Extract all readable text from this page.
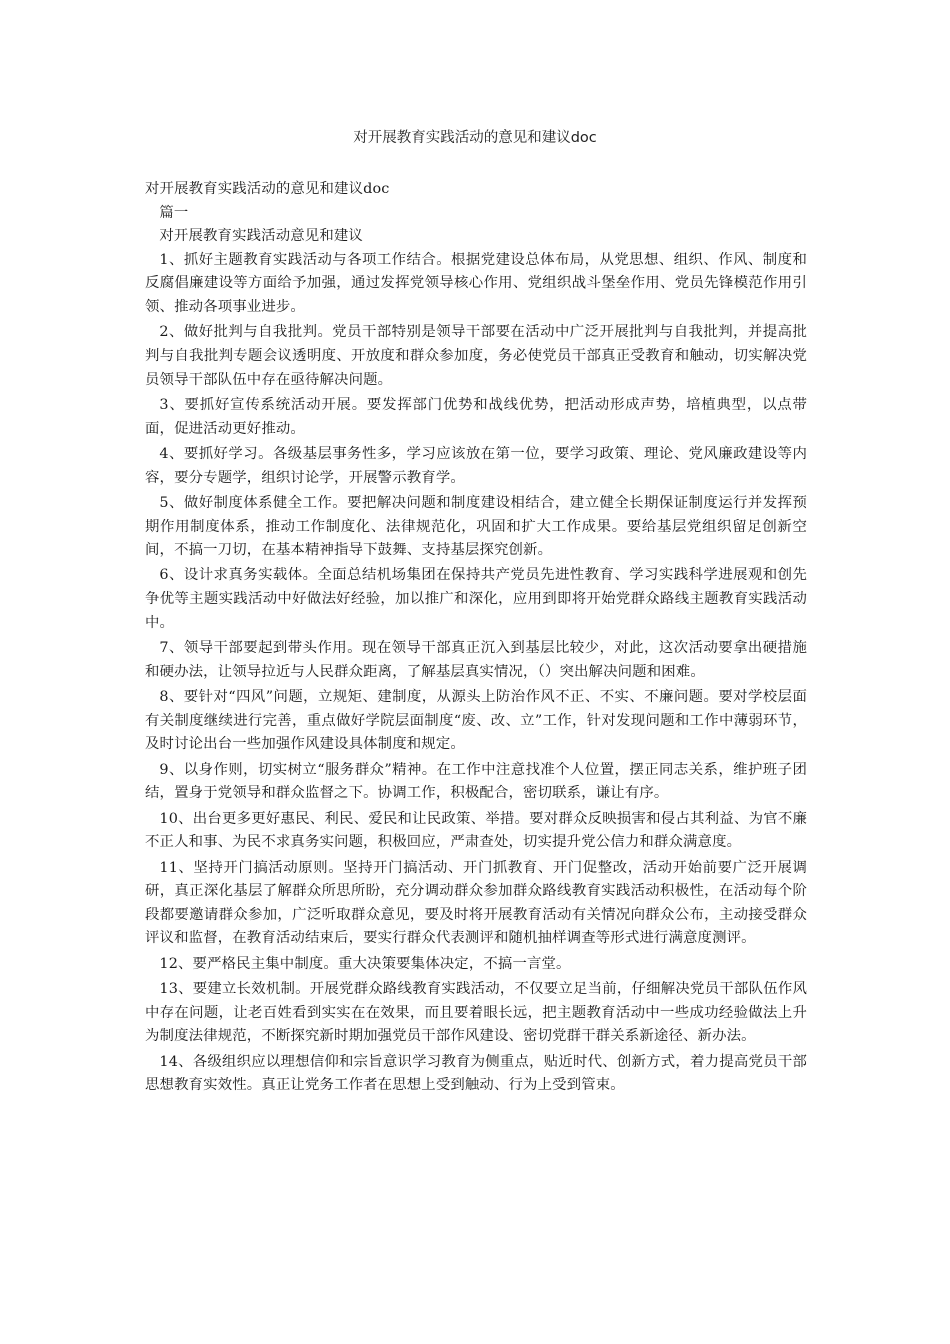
对开展教育实践活动的意见和建议doc

对开展教育实践活动的意见和建议doc

篇一

对开展教育实践活动意见和建议

1、抓好主题教育实践活动与各项工作结合。根据党建设总体布局，从党思想、组织、作风、制度和反腐倡廉建设等方面给予加强，通过发挥党领导核心作用、党组织战斗堡垒作用、党员先锋模范作用引领、推动各项事业进步。

2、做好批判与自我批判。党员干部特别是领导干部要在活动中广泛开展批判与自我批判，并提高批判与自我批判专题会议透明度、开放度和群众参加度，务必使党员干部真正受教育和触动，切实解决党员领导干部队伍中存在亟待解决问题。

3、要抓好宣传系统活动开展。要发挥部门优势和战线优势，把活动形成声势，培植典型，以点带面，促进活动更好推动。

4、要抓好学习。各级基层事务性多，学习应该放在第一位，要学习政策、理论、党风廉政建设等内容，要分专题学，组织讨论学，开展警示教育学。

5、做好制度体系健全工作。要把解决问题和制度建设相结合，建立健全长期保证制度运行并发挥预期作用制度体系，推动工作制度化、法律规范化，巩固和扩大工作成果。要给基层党组织留足创新空间，不搞一刀切，在基本精神指导下鼓舞、支持基层探究创新。

6、设计求真务实载体。全面总结机场集团在保持共产党员先进性教育、学习实践科学进展观和创先争优等主题实践活动中好做法好经验，加以推广和深化，应用到即将开始党群众路线主题教育实践活动中。

7、领导干部要起到带头作用。现在领导干部真正沉入到基层比较少，对此，这次活动要拿出硬措施和硬办法，让领导拉近与人民群众距离，了解基层真实情况，（）突出解决问题和困难。

8、要针对“四风”问题，立规矩、建制度，从源头上防治作风不正、不实、不廉问题。要对学校层面有关制度继续进行完善，重点做好学院层面制度“废、改、立”工作，针对发现问题和工作中薄弱环节，及时讨论出台一些加强作风建设具体制度和规定。

9、以身作则，切实树立“服务群众”精神。在工作中注意找准个人位置，摆正同志关系，维护班子团结，置身于党领导和群众监督之下。协调工作，积极配合，密切联系，谦让有序。

10、出台更多更好惠民、利民、爱民和让民政策、举措。要对群众反映损害和侵占其利益、为官不廉不正人和事、为民不求真务实问题，积极回应，严肃查处，切实提升党公信力和群众满意度。

11、坚持开门搞活动原则。坚持开门搞活动、开门抓教育、开门促整改，活动开始前要广泛开展调研，真正深化基层了解群众所思所盼，充分调动群众参加群众路线教育实践活动积极性，在活动每个阶段都要邀请群众参加，广泛听取群众意见，要及时将开展教育活动有关情况向群众公布，主动接受群众评议和监督，在教育活动结束后，要实行群众代表测评和随机抽样调查等形式进行满意度测评。

12、要严格民主集中制度。重大决策要集体决定，不搞一言堂。

13、要建立长效机制。开展党群众路线教育实践活动，不仅要立足当前，仔细解决党员干部队伍作风中存在问题，让老百姓看到实实在在效果，而且要着眼长远，把主题教育活动中一些成功经验做法上升为制度法律规范，不断探究新时期加强党员干部作风建设、密切党群干群关系新途径、新办法。

14、各级组织应以理想信仰和宗旨意识学习教育为侧重点，贴近时代、创新方式，着力提高党员干部思想教育实效性。真正让党务工作者在思想上受到触动、行为上受到管束。
